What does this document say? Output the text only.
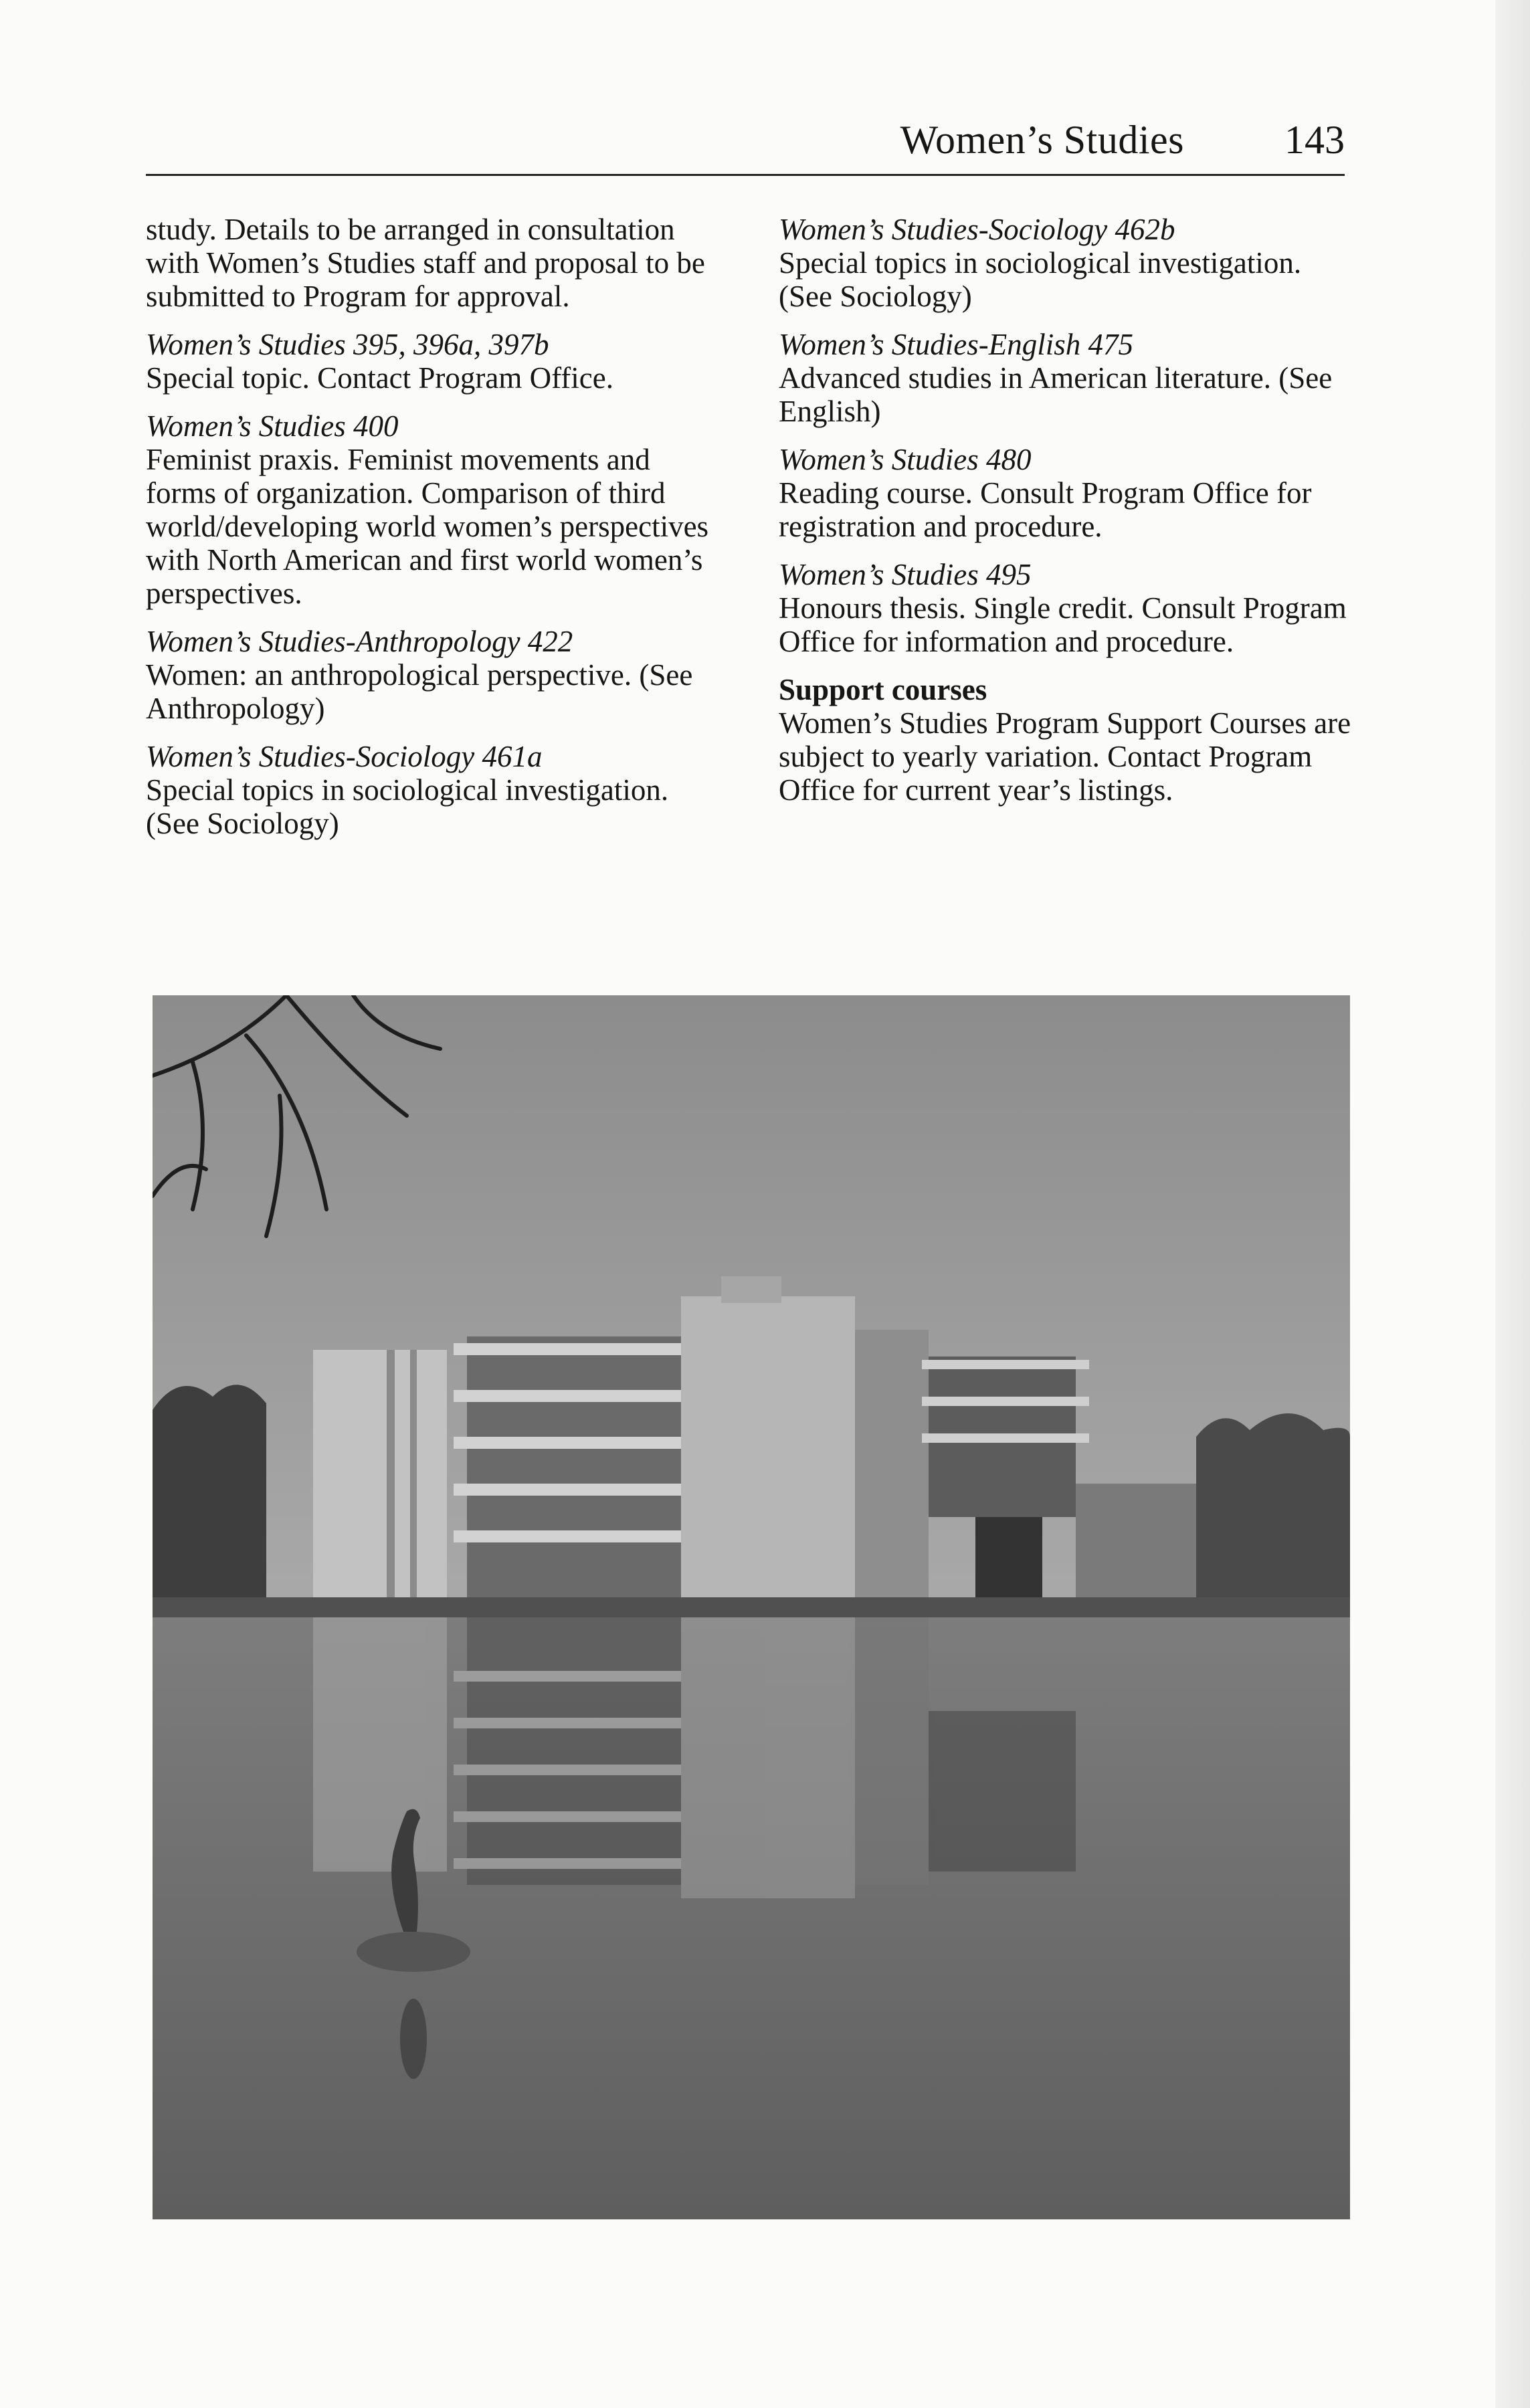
Women’s Studies	143

study. Details to be arranged in consultation with Women’s Studies staff and proposal to be submitted to Program for approval.

Women’s Studies 395, 396a, 397b
Special topic. Contact Program Office.

Women’s Studies 400
Feminist praxis. Feminist movements and forms of organization. Comparison of third world/developing world women’s perspectives with North American and first world women’s perspectives.

Women’s Studies-Anthropology 422
Women: an anthropological perspective. (See Anthropology)

Women’s Studies-Sociology 461a
Special topics in sociological investigation. (See Sociology)

Women’s Studies-Sociology 462b
Special topics in sociological investigation. (See Sociology)

Women’s Studies-English 475
Advanced studies in American literature. (See English)

Women’s Studies 480
Reading course. Consult Program Office for registration and procedure.

Women’s Studies 495
Honours thesis. Single credit. Consult Program Office for information and procedure.

Support courses
Women’s Studies Program Support Courses are subject to yearly variation. Contact Program Office for current year’s listings.
